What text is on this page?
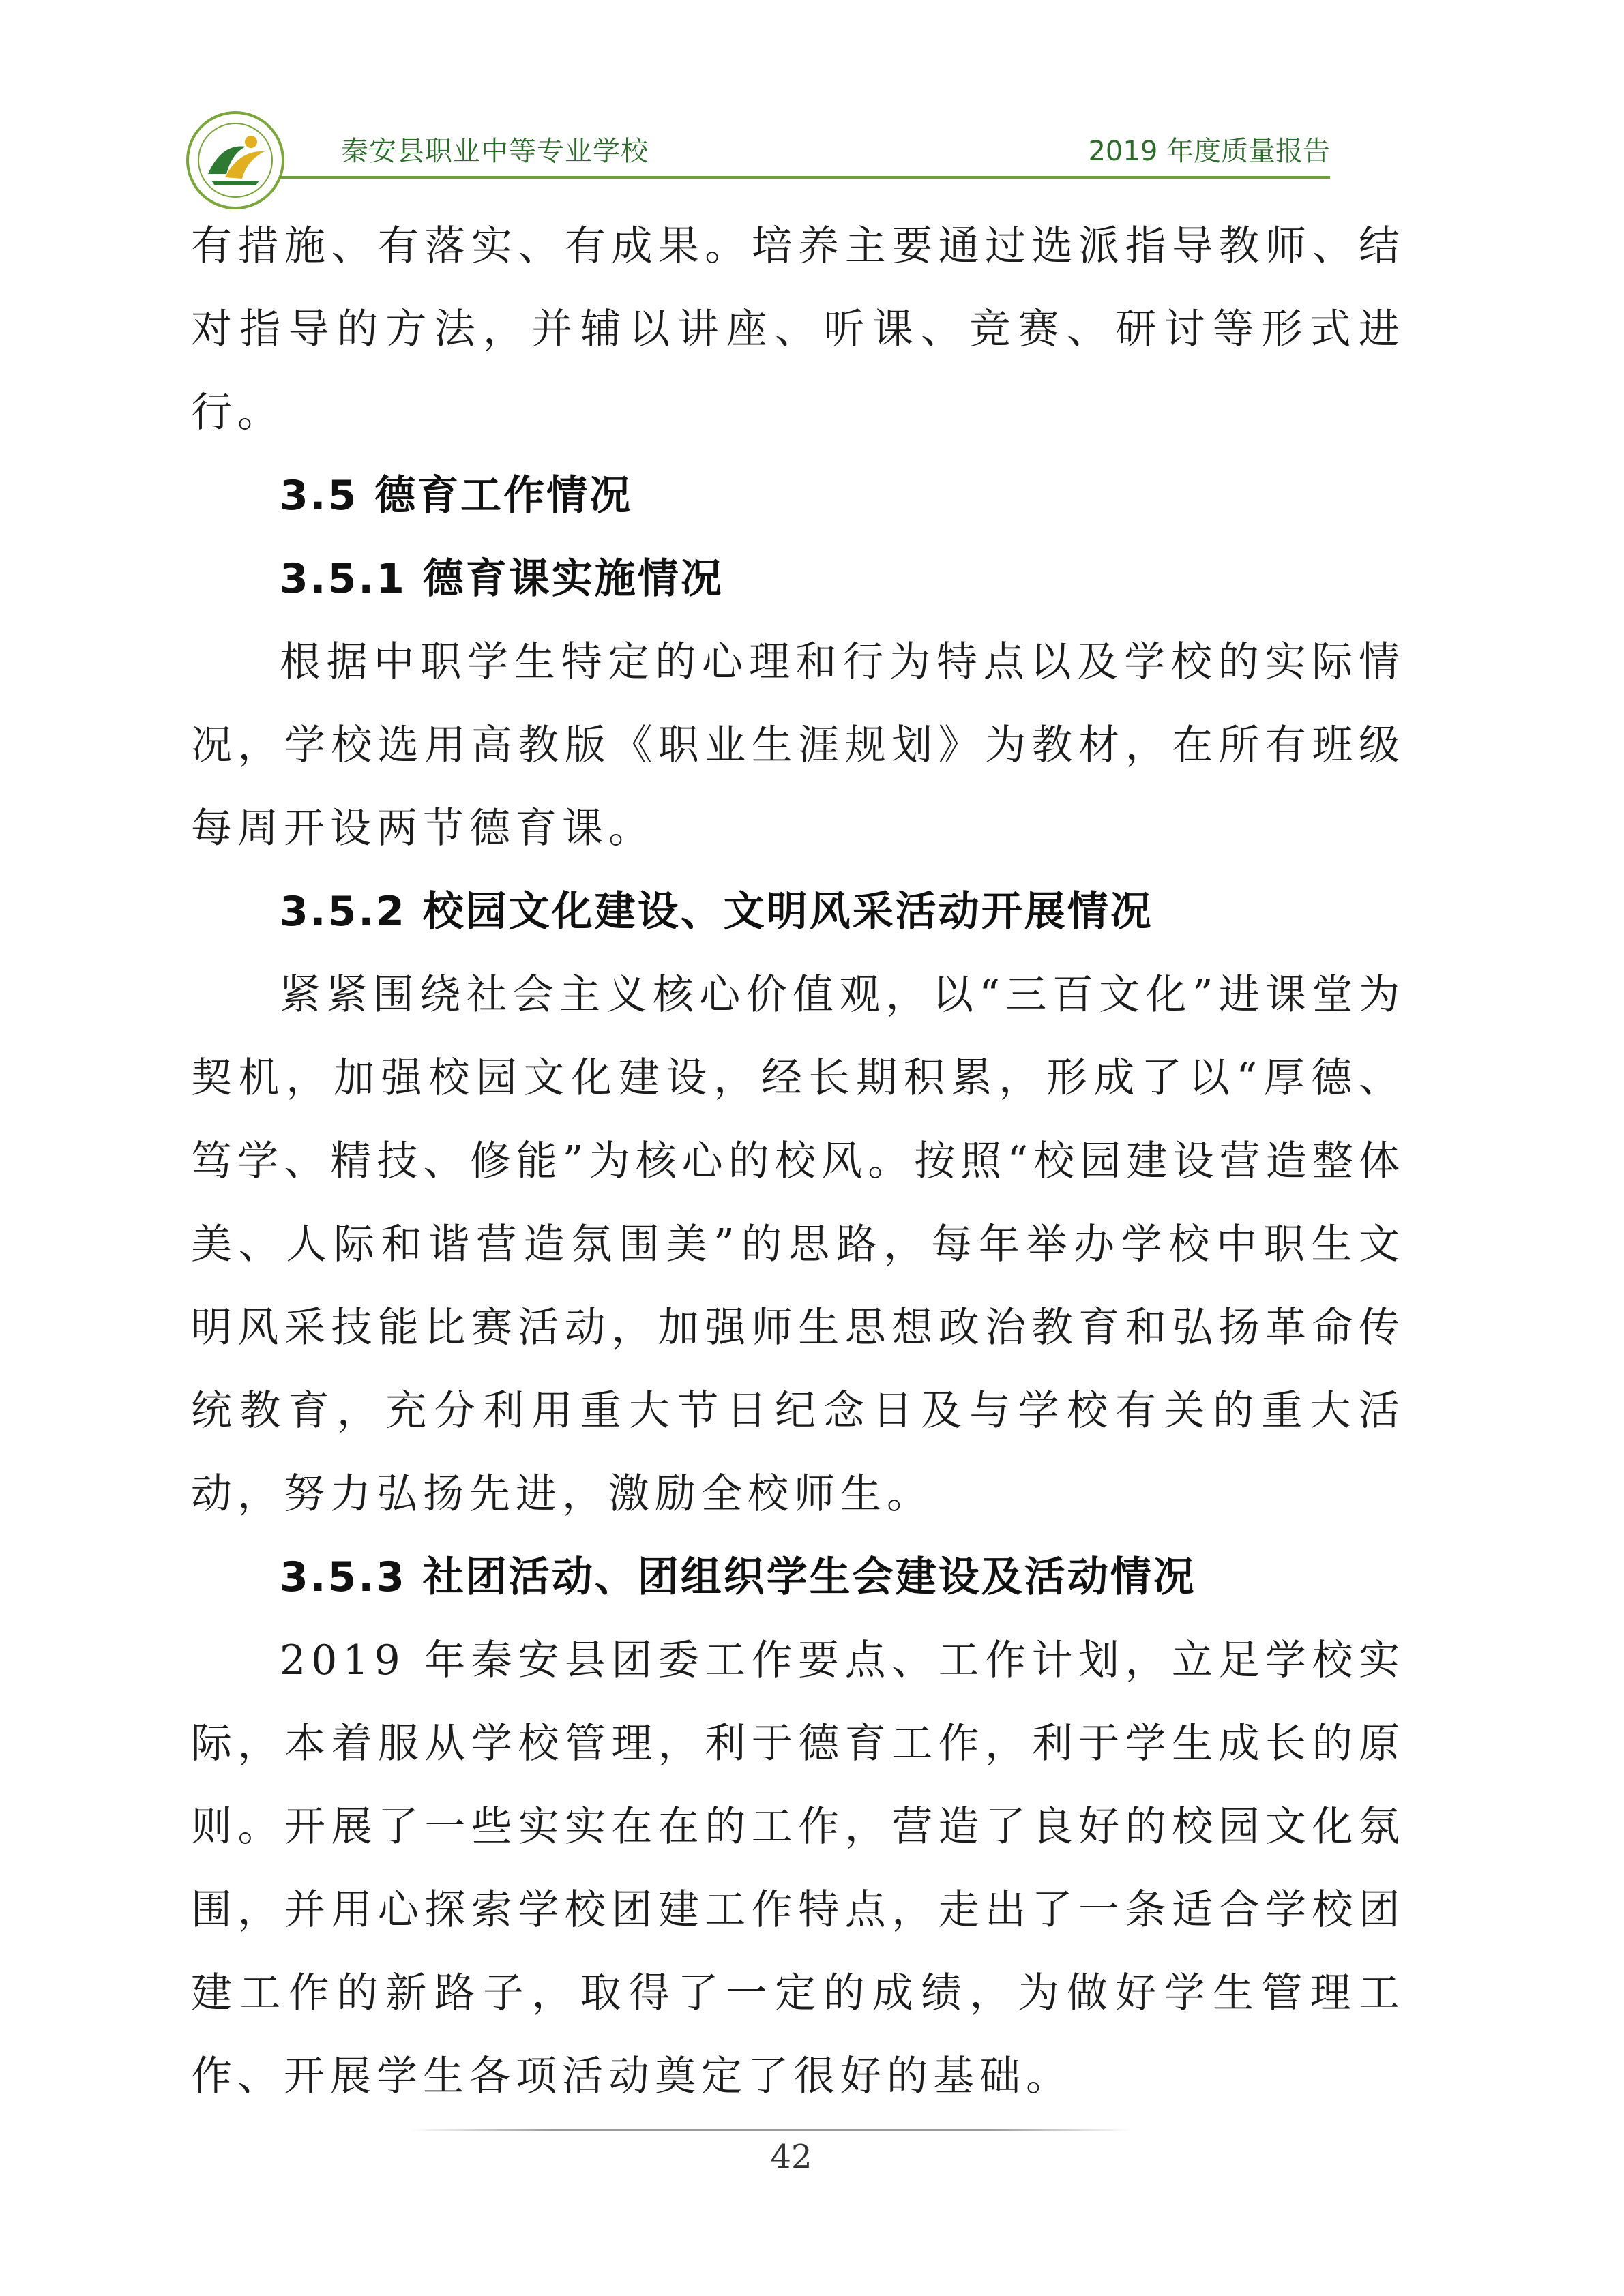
秦安县职业中等专业学校	2019 年度质量报告

有措施、有落实、有成果。培养主要通过选派指导教师、结对指导的方法，并辅以讲座、听课、竞赛、研讨等形式进行。

3.5 德育工作情况

3.5.1 德育课实施情况

根据中职学生特定的心理和行为特点以及学校的实际情况，学校选用高教版《职业生涯规划》为教材，在所有班级每周开设两节德育课。

3.5.2 校园文化建设、文明风采活动开展情况

紧紧围绕社会主义核心价值观，以“三百文化”进课堂为契机，加强校园文化建设，经长期积累，形成了以“厚德、笃学、精技、修能”为核心的校风。按照“校园建设营造整体美、人际和谐营造氛围美”的思路，每年举办学校中职生文明风采技能比赛活动，加强师生思想政治教育和弘扬革命传统教育，充分利用重大节日纪念日及与学校有关的重大活动，努力弘扬先进，激励全校师生。

3.5.3 社团活动、团组织学生会建设及活动情况

2019 年秦安县团委工作要点、工作计划，立足学校实际，本着服从学校管理，利于德育工作，利于学生成长的原则。开展了一些实实在在的工作，营造了良好的校园文化氛围，并用心探索学校团建工作特点，走出了一条适合学校团建工作的新路子，取得了一定的成绩，为做好学生管理工作、开展学生各项活动奠定了很好的基础。

42
